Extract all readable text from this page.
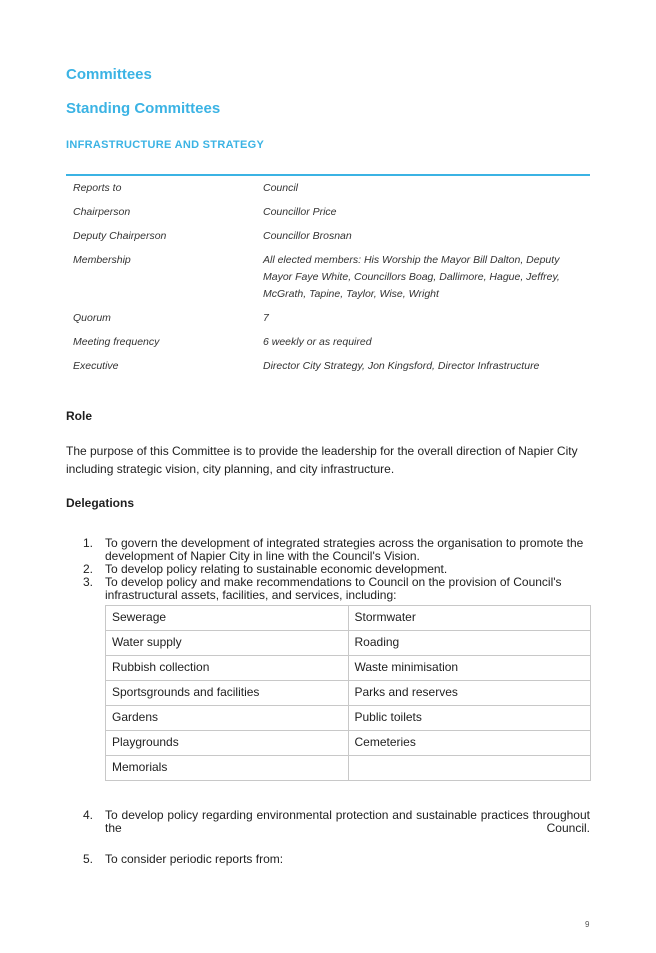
Committees
Standing Committees
INFRASTRUCTURE AND STRATEGY
Reports to	Council
Chairperson	Councillor Price
Deputy Chairperson	Councillor Brosnan
Membership	All elected members: His Worship the Mayor Bill Dalton, Deputy Mayor Faye White, Councillors Boag, Dallimore, Hague, Jeffrey, McGrath, Tapine, Taylor, Wise, Wright
Quorum	7
Meeting frequency	6 weekly or as required
Executive	Director City Strategy, Jon Kingsford, Director Infrastructure
Role
The purpose of this Committee is to provide the leadership for the overall direction of Napier City including strategic vision, city planning, and city infrastructure.
Delegations
1.	To govern the development of integrated strategies across the organisation to promote the development of Napier City in line with the Council's Vision.
2.	To develop policy relating to sustainable economic development.
3.	To develop policy and make recommendations to Council on the provision of Council's infrastructural assets, facilities, and services, including:
Sewerage	Stormwater
Water supply	Roading
Rubbish collection	Waste minimisation
Sportsgrounds and facilities	Parks and reserves
Gardens	Public toilets
Playgrounds	Cemeteries
Memorials	
4.	To develop policy regarding environmental protection and sustainable practices throughout the Council.
5.	To consider periodic reports from:
9
